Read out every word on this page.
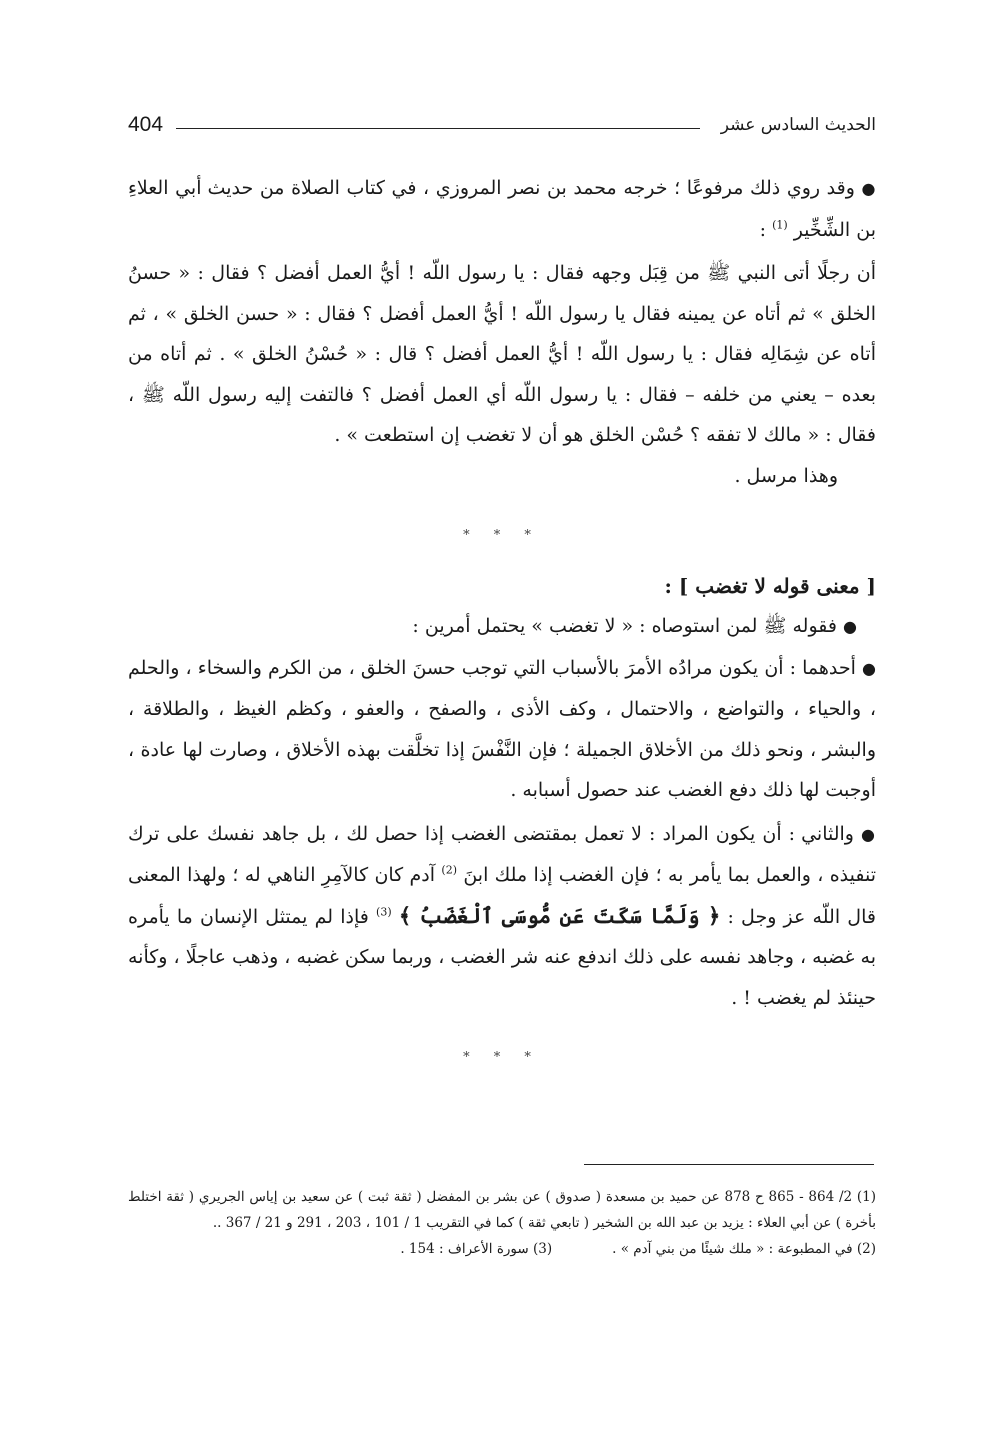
404	الحديث السادس عشر

● وقد روي ذلك مرفوعًا ؛ خرجه محمد بن نصر المروزي ، في كتاب الصلاة من حديث أبي العلاءِ بن الشِّخِّير $^{(1)}$ :

أن رجلًا أتى النبي ﷺ من قِبَل وجهه فقال : يا رسول اللّه ! أيُّ العمل أفضل ؟ فقال : « حسنُ الخلق » ثم أتاه عن يمينه فقال يا رسول اللّه ! أيُّ العمل أفضل ؟ فقال : « حسن الخلق » ، ثم أتاه عن شِمَالِه فقال : يا رسول اللّه ! أيُّ العمل أفضل ؟ قال : « حُسْنُ الخلق » . ثم أتاه من بعده – يعني من خلفه – فقال : يا رسول اللّه أي العمل أفضل ؟ فالتفت إليه رسول اللّه ﷺ ، فقال : « مالك لا تفقه ؟ حُسْن الخلق هو أن لا تغضب إن استطعت » .

  وهذا مرسل .

* * *

[ معنى قوله لا تغضب ] :

 ● فقوله ﷺ لمن استوصاه : « لا تغضب » يحتمل أمرين :

● أحدهما : أن يكون مرادُه الأمرَ بالأسباب التي توجب حسنَ الخلق ، من الكرم والسخاء ، والحلم ، والحياء ، والتواضع ، والاحتمال ، وكف الأذى ، والصفح ، والعفو ، وكظم الغيظ ، والطلاقة ، والبشر ، ونحو ذلك من الأخلاق الجميلة ؛ فإن النَّفْسَ إذا تخلَّقت بهذه الأخلاق ، وصارت لها عادة ، أوجبت لها ذلك دفع الغضب عند حصول أسبابه .

● والثاني : أن يكون المراد : لا تعمل بمقتضى الغضب إذا حصل لك ، بل جاهد نفسك على ترك تنفيذه ، والعمل بما يأمر به ؛ فإن الغضب إذا ملك ابنَ $^{(2)}$ آدم كان كالآمِرِ الناهي له ؛ ولهذا المعنى قال اللّه عز وجل : ﴿ وَلَمَّا سَكَتَ عَن مُّوسَى ٱلْغَضَبُ ﴾ $^{(3)}$ فإذا لم يمتثل الإنسان ما يأمره به غضبه ، وجاهد نفسه على ذلك اندفع عنه شر الغضب ، وربما سكن غضبه ، وذهب عاجلًا ، وكأنه حينئذ لم يغضب ! .

* * *

(1) 2/ 864 - 865 ح 878 عن حميد بن مسعدة ( صدوق ) عن بشر بن المفضل ( ثقة ثبت ) عن سعيد بن إياس الجريري ( ثقة اختلط بأخرة ) عن أبي العلاء : يزيد بن عبد الله بن الشخير ( تابعي ثقة ) كما في التقريب 1 / 101 ، 203 ، 291 و 21 / 367 ..

(2) في المطبوعة : « ملك شيئًا من بني آدم » .
(3) سورة الأعراف : 154 .
